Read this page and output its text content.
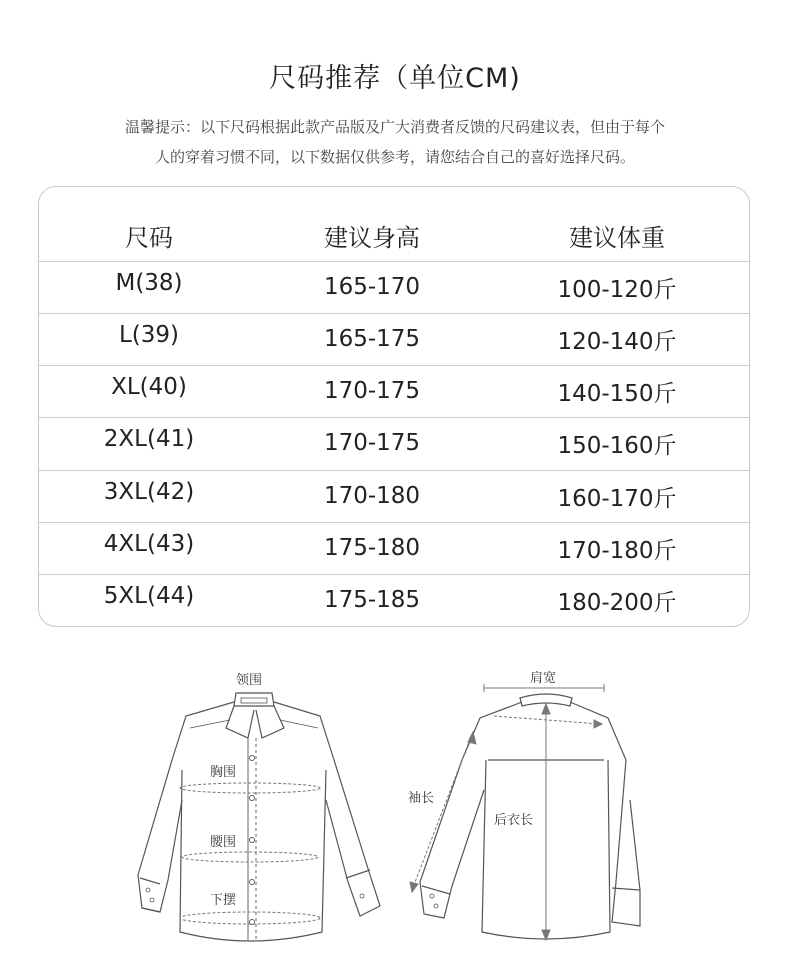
尺码推荐（单位CM)
温馨提示：以下尺码根据此款产品版及广大消费者反馈的尺码建议表，但由于每个
人的穿着习惯不同，以下数据仅供参考，请您结合自己的喜好选择尺码。
尺码	建议身高	建议体重
M(38)	165-170	100-120斤
L(39)	165-175	120-140斤
XL(40)	170-175	140-150斤
2XL(41)	170-175	150-160斤
3XL(42)	170-180	160-170斤
4XL(43)	175-180	170-180斤
5XL(44)	175-185	180-200斤
领围
胸围
腰围
下摆
肩宽
袖长
后衣长
